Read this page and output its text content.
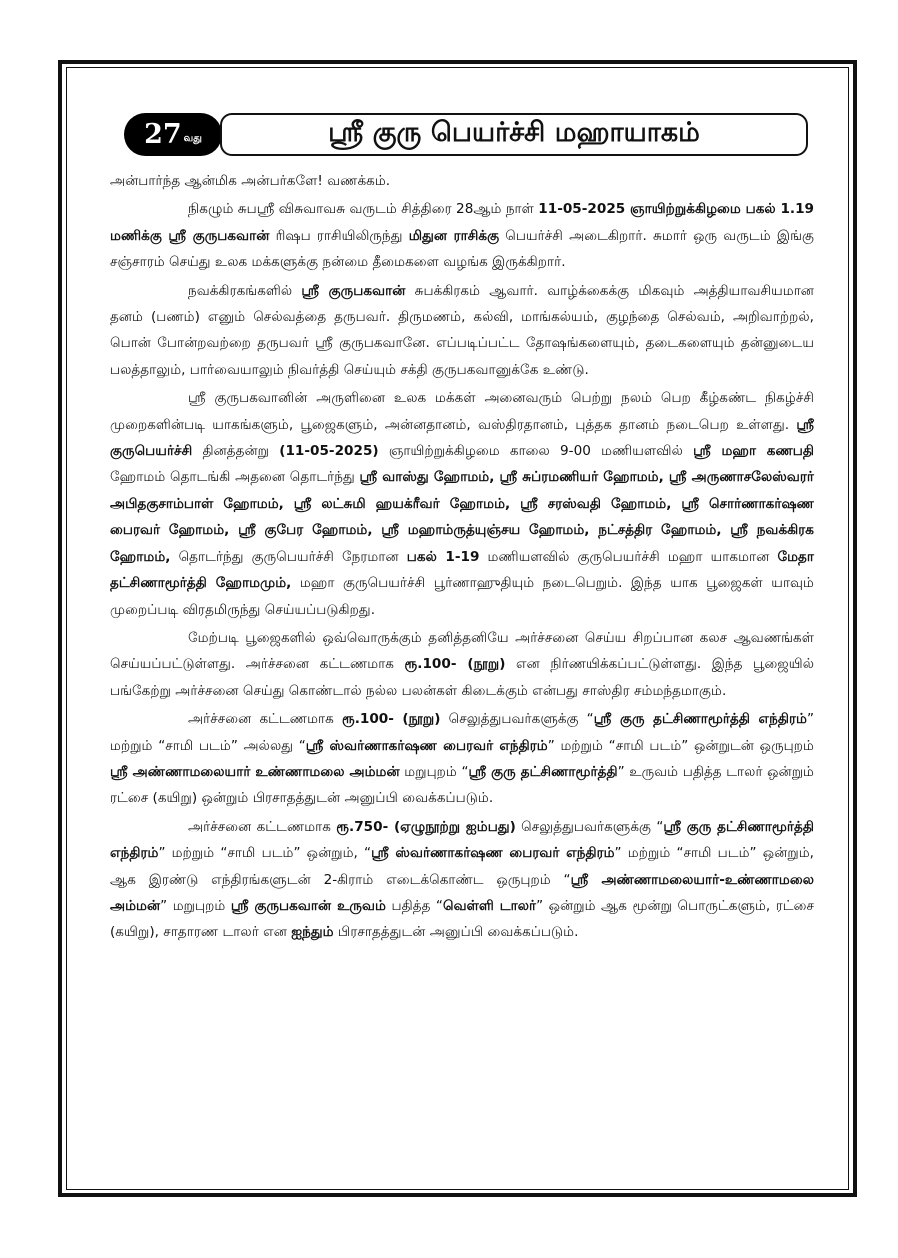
27 வது	ஸ்ரீ குரு பெயர்ச்சி மஹாயாகம்

அன்பார்ந்த ஆன்மிக அன்பர்களே! வணக்கம்.

நிகழும் சுபஸ்ரீ விசுவாவசு வருடம் சித்திரை 28ஆம் நாள் 11-05-2025 ஞாயிற்றுக்கிழமை பகல் 1.19 மணிக்கு ஸ்ரீ குருபகவான் ரிஷப ராசியிலிருந்து மிதுன ராசிக்கு பெயர்ச்சி அடைகிறார். சுமார் ஒரு வருடம் இங்கு சஞ்சாரம் செய்து உலக மக்களுக்கு நன்மை தீமைகளை வழங்க இருக்கிறார்.

நவக்கிரகங்களில் ஸ்ரீ குருபகவான் சுபக்கிரகம் ஆவார். வாழ்க்கைக்கு மிகவும் அத்தியாவசியமான தனம் (பணம்) எனும் செல்வத்தை தருபவர். திருமணம், கல்வி, மாங்கல்யம், குழந்தை செல்வம், அறிவாற்றல், பொன் போன்றவற்றை தருபவர் ஸ்ரீ குருபகவானே. எப்படிப்பட்ட தோஷங்களையும், தடைகளையும் தன்னுடைய பலத்தாலும், பார்வையாலும் நிவர்த்தி செய்யும் சக்தி குருபகவானுக்கே உண்டு.

ஸ்ரீ குருபகவானின் அருளினை உலக மக்கள் அனைவரும் பெற்று நலம் பெற கீழ்கண்ட நிகழ்ச்சி முறைகளின்படி யாகங்களும், பூஜைகளும், அன்னதானம், வஸ்திரதானம், புத்தக தானம் நடைபெற உள்ளது. ஸ்ரீ குருபெயர்ச்சி தினத்தன்று (11-05-2025) ஞாயிற்றுக்கிழமை காலை 9-00 மணியளவில் ஸ்ரீ மஹா கணபதி ஹோமம் தொடங்கி அதனை தொடர்ந்து ஸ்ரீ வாஸ்து ஹோமம், ஸ்ரீ சுப்ரமணியர் ஹோமம், ஸ்ரீ அருணாசலேஸ்வரர் அபிதகுசாம்பாள் ஹோமம், ஸ்ரீ லட்சுமி ஹயக்ரீவர் ஹோமம், ஸ்ரீ சரஸ்வதி ஹோமம், ஸ்ரீ சொர்ணாகர்ஷண பைரவர் ஹோமம், ஸ்ரீ குபேர ஹோமம், ஸ்ரீ மஹாம்ருத்யுஞ்சய ஹோமம், நட்சத்திர ஹோமம், ஸ்ரீ நவக்கிரக ஹோமம், தொடர்ந்து குருபெயர்ச்சி நேரமான பகல் 1-19 மணியளவில் குருபெயர்ச்சி மஹா யாகமான மேதா தட்சிணாமூர்த்தி ஹோமமும், மஹா குருபெயர்ச்சி பூர்ணாஹுதியும் நடைபெறும். இந்த யாக பூஜைகள் யாவும் முறைப்படி விரதமிருந்து செய்யப்படுகிறது.

மேற்படி பூஜைகளில் ஒவ்வொருக்கும் தனித்தனியே அர்ச்சனை செய்ய சிறப்பான கலச ஆவணங்கள் செய்யப்பட்டுள்ளது. அர்ச்சனை கட்டணமாக ரூ.100- (நூறு) என நிர்ணயிக்கப்பட்டுள்ளது. இந்த பூஜையில் பங்கேற்று அர்ச்சனை செய்து கொண்டால் நல்ல பலன்கள் கிடைக்கும் என்பது சாஸ்திர சம்மந்தமாகும்.

அர்ச்சனை கட்டணமாக ரூ.100- (நூறு) செலுத்துபவர்களுக்கு “ஸ்ரீ குரு தட்சிணாமூர்த்தி எந்திரம்” மற்றும் “சாமி படம்” அல்லது “ஸ்ரீ ஸ்வர்ணாகர்ஷண பைரவர் எந்திரம்” மற்றும் “சாமி படம்” ஒன்றுடன் ஒருபுறம் ஸ்ரீ அண்ணாமலையார் உண்ணாமலை அம்மன் மறுபுறம் “ஸ்ரீ குரு தட்சிணாமூர்த்தி” உருவம் பதித்த டாலர் ஒன்றும் ரட்சை (கயிறு) ஒன்றும் பிரசாதத்துடன் அனுப்பி வைக்கப்படும்.

அர்ச்சனை கட்டணமாக ரூ.750- (ஏழுநூற்று ஐம்பது) செலுத்துபவர்களுக்கு “ஸ்ரீ குரு தட்சிணாமூர்த்தி எந்திரம்” மற்றும் “சாமி படம்” ஒன்றும், “ஸ்ரீ ஸ்வர்ணாகர்ஷண பைரவர் எந்திரம்” மற்றும் “சாமி படம்” ஒன்றும், ஆக இரண்டு எந்திரங்களுடன் 2-கிராம் எடைக்கொண்ட ஒருபுறம் “ஸ்ரீ அண்ணாமலையார்-உண்ணாமலை அம்மன்” மறுபுறம் ஸ்ரீ குருபகவான் உருவம் பதித்த “வெள்ளி டாலர்” ஒன்றும் ஆக மூன்று பொருட்களும், ரட்சை (கயிறு), சாதாரண டாலர் என ஐந்தும் பிரசாதத்துடன் அனுப்பி வைக்கப்படும்.
